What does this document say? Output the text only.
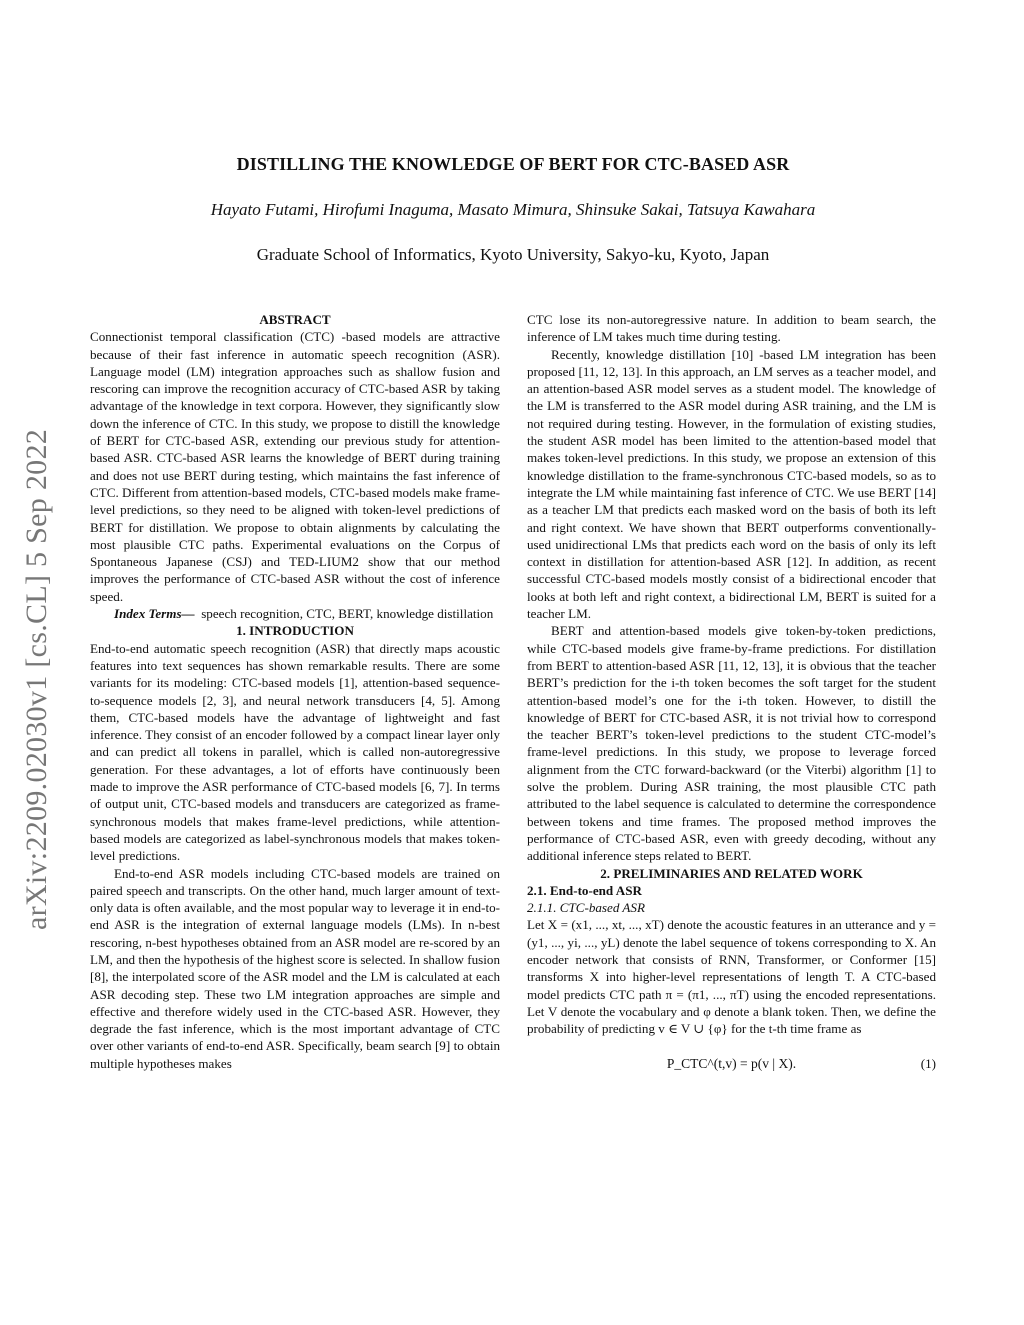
arXiv:2209.02030v1 [cs.CL] 5 Sep 2022
DISTILLING THE KNOWLEDGE OF BERT FOR CTC-BASED ASR
Hayato Futami, Hirofumi Inaguma, Masato Mimura, Shinsuke Sakai, Tatsuya Kawahara
Graduate School of Informatics, Kyoto University, Sakyo-ku, Kyoto, Japan

ABSTRACT

Connectionist temporal classification (CTC) -based models are attractive because of their fast inference in automatic speech recognition (ASR). Language model (LM) integration approaches such as shallow fusion and rescoring can improve the recognition accuracy of CTC-based ASR by taking advantage of the knowledge in text corpora. However, they significantly slow down the inference of CTC. In this study, we propose to distill the knowledge of BERT for CTC-based ASR, extending our previous study for attention-based ASR. CTC-based ASR learns the knowledge of BERT during training and does not use BERT during testing, which maintains the fast inference of CTC. Different from attention-based models, CTC-based models make frame-level predictions, so they need to be aligned with token-level predictions of BERT for distillation. We propose to obtain alignments by calculating the most plausible CTC paths. Experimental evaluations on the Corpus of Spontaneous Japanese (CSJ) and TED-LIUM2 show that our method improves the performance of CTC-based ASR without the cost of inference speed.

Index Terms— speech recognition, CTC, BERT, knowledge distillation

1. INTRODUCTION

End-to-end automatic speech recognition (ASR) that directly maps acoustic features into text sequences has shown remarkable results. There are some variants for its modeling: CTC-based models [1], attention-based sequence-to-sequence models [2, 3], and neural network transducers [4, 5]. Among them, CTC-based models have the advantage of lightweight and fast inference. They consist of an encoder followed by a compact linear layer only and can predict all tokens in parallel, which is called non-autoregressive generation. For these advantages, a lot of efforts have continuously been made to improve the ASR performance of CTC-based models [6, 7]. In terms of output unit, CTC-based models and transducers are categorized as frame-synchronous models that makes frame-level predictions, while attention-based models are categorized as label-synchronous models that makes token-level predictions.

End-to-end ASR models including CTC-based models are trained on paired speech and transcripts. On the other hand, much larger amount of text-only data is often available, and the most popular way to leverage it in end-to-end ASR is the integration of external language models (LMs). In n-best rescoring, n-best hypotheses obtained from an ASR model are re-scored by an LM, and then the hypothesis of the highest score is selected. In shallow fusion [8], the interpolated score of the ASR model and the LM is calculated at each ASR decoding step. These two LM integration approaches are simple and effective and therefore widely used in the CTC-based ASR. However, they degrade the fast inference, which is the most important advantage of CTC over other variants of end-to-end ASR. Specifically, beam search [9] to obtain multiple hypotheses makes

CTC lose its non-autoregressive nature. In addition to beam search, the inference of LM takes much time during testing.

Recently, knowledge distillation [10] -based LM integration has been proposed [11, 12, 13]. In this approach, an LM serves as a teacher model, and an attention-based ASR model serves as a student model. The knowledge of the LM is transferred to the ASR model during ASR training, and the LM is not required during testing. However, in the formulation of existing studies, the student ASR model has been limited to the attention-based model that makes token-level predictions. In this study, we propose an extension of this knowledge distillation to the frame-synchronous CTC-based models, so as to integrate the LM while maintaining fast inference of CTC. We use BERT [14] as a teacher LM that predicts each masked word on the basis of both its left and right context. We have shown that BERT outperforms conventionally-used unidirectional LMs that predicts each word on the basis of only its left context in distillation for attention-based ASR [12]. In addition, as recent successful CTC-based models mostly consist of a bidirectional encoder that looks at both left and right context, a bidirectional LM, BERT is suited for a teacher LM.

BERT and attention-based models give token-by-token predictions, while CTC-based models give frame-by-frame predictions. For distillation from BERT to attention-based ASR [11, 12, 13], it is obvious that the teacher BERT’s prediction for the i-th token becomes the soft target for the student attention-based model’s one for the i-th token. However, to distill the knowledge of BERT for CTC-based ASR, it is not trivial how to correspond the teacher BERT’s token-level predictions to the student CTC-model’s frame-level predictions. In this study, we propose to leverage forced alignment from the CTC forward-backward (or the Viterbi) algorithm [1] to solve the problem. During ASR training, the most plausible CTC path attributed to the label sequence is calculated to determine the correspondence between tokens and time frames. The proposed method improves the performance of CTC-based ASR, even with greedy decoding, without any additional inference steps related to BERT.

2. PRELIMINARIES AND RELATED WORK

2.1. End-to-end ASR

2.1.1. CTC-based ASR

Let X = (x1, ..., xt, ..., xT) denote the acoustic features in an utterance and y = (y1, ..., yi, ..., yL) denote the label sequence of tokens corresponding to X. An encoder network that consists of RNN, Transformer, or Conformer [15] transforms X into higher-level representations of length T. A CTC-based model predicts CTC path π = (π1, ..., πT) using the encoded representations. Let V denote the vocabulary and φ denote a blank token. Then, we define the probability of predicting v ∈ V ∪ {φ} for the t-th time frame as

P_CTC^(t,v) = p(v | X).	(1)
